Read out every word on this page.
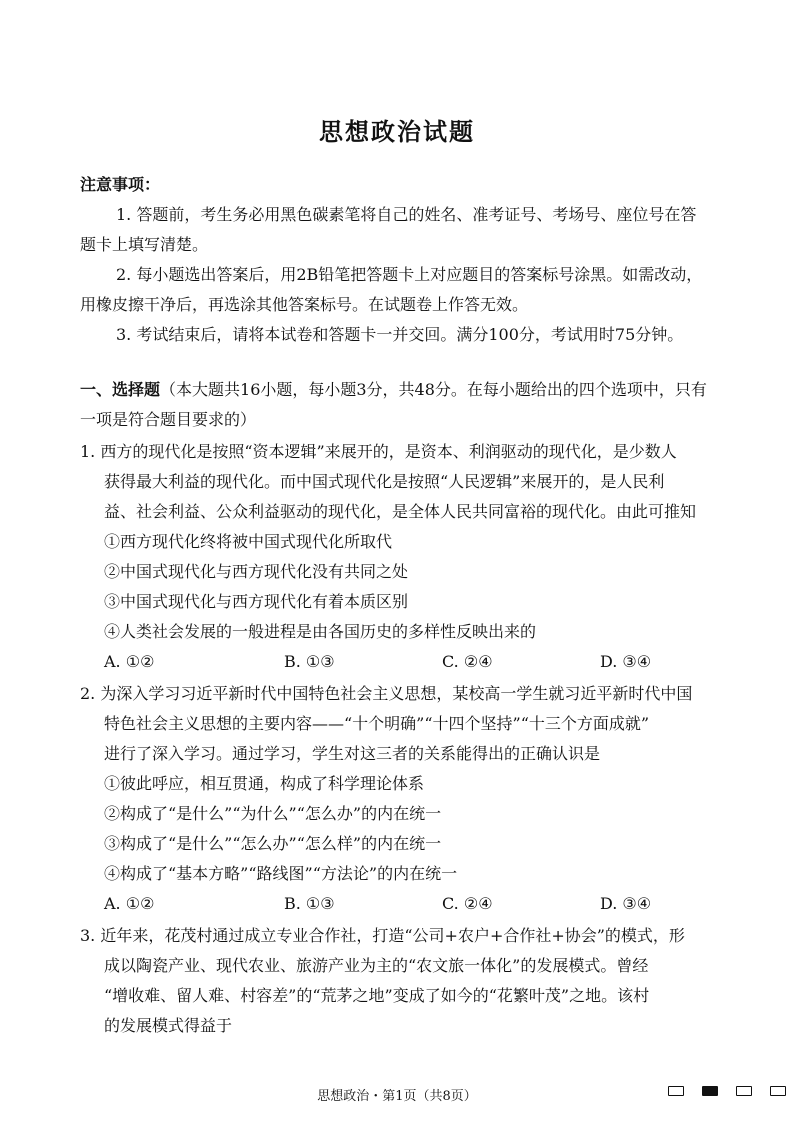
思想政治试题
注意事项：
1. 答题前，考生务必用黑色碳素笔将自己的姓名、准考证号、考场号、座位号在答
题卡上填写清楚。
2. 每小题选出答案后，用2B铅笔把答题卡上对应题目的答案标号涂黑。如需改动，
用橡皮擦干净后，再选涂其他答案标号。在试题卷上作答无效。
3. 考试结束后，请将本试卷和答题卡一并交回。满分100分，考试用时75分钟。
一、选择题（本大题共16小题，每小题3分，共48分。在每小题给出的四个选项中，只有
一项是符合题目要求的）
1. 西方的现代化是按照“资本逻辑”来展开的，是资本、利润驱动的现代化，是少数人
获得最大利益的现代化。而中国式现代化是按照“人民逻辑”来展开的，是人民利
益、社会利益、公众利益驱动的现代化，是全体人民共同富裕的现代化。由此可推知
①西方现代化终将被中国式现代化所取代
②中国式现代化与西方现代化没有共同之处
③中国式现代化与西方现代化有着本质区别
④人类社会发展的一般进程是由各国历史的多样性反映出来的
A. ①②	B. ①③	C. ②④	D. ③④
2. 为深入学习习近平新时代中国特色社会主义思想，某校高一学生就习近平新时代中国
特色社会主义思想的主要内容——“十个明确”“十四个坚持”“十三个方面成就”
进行了深入学习。通过学习，学生对这三者的关系能得出的正确认识是
①彼此呼应，相互贯通，构成了科学理论体系
②构成了“是什么”“为什么”“怎么办”的内在统一
③构成了“是什么”“怎么办”“怎么样”的内在统一
④构成了“基本方略”“路线图”“方法论”的内在统一
A. ①②	B. ①③	C. ②④	D. ③④
3. 近年来，花茂村通过成立专业合作社，打造“公司+农户+合作社+协会”的模式，形
成以陶瓷产业、现代农业、旅游产业为主的“农文旅一体化”的发展模式。曾经
“增收难、留人难、村容差”的“荒茅之地”变成了如今的“花繁叶茂”之地。该村
的发展模式得益于
思想政治・第1页（共8页）
